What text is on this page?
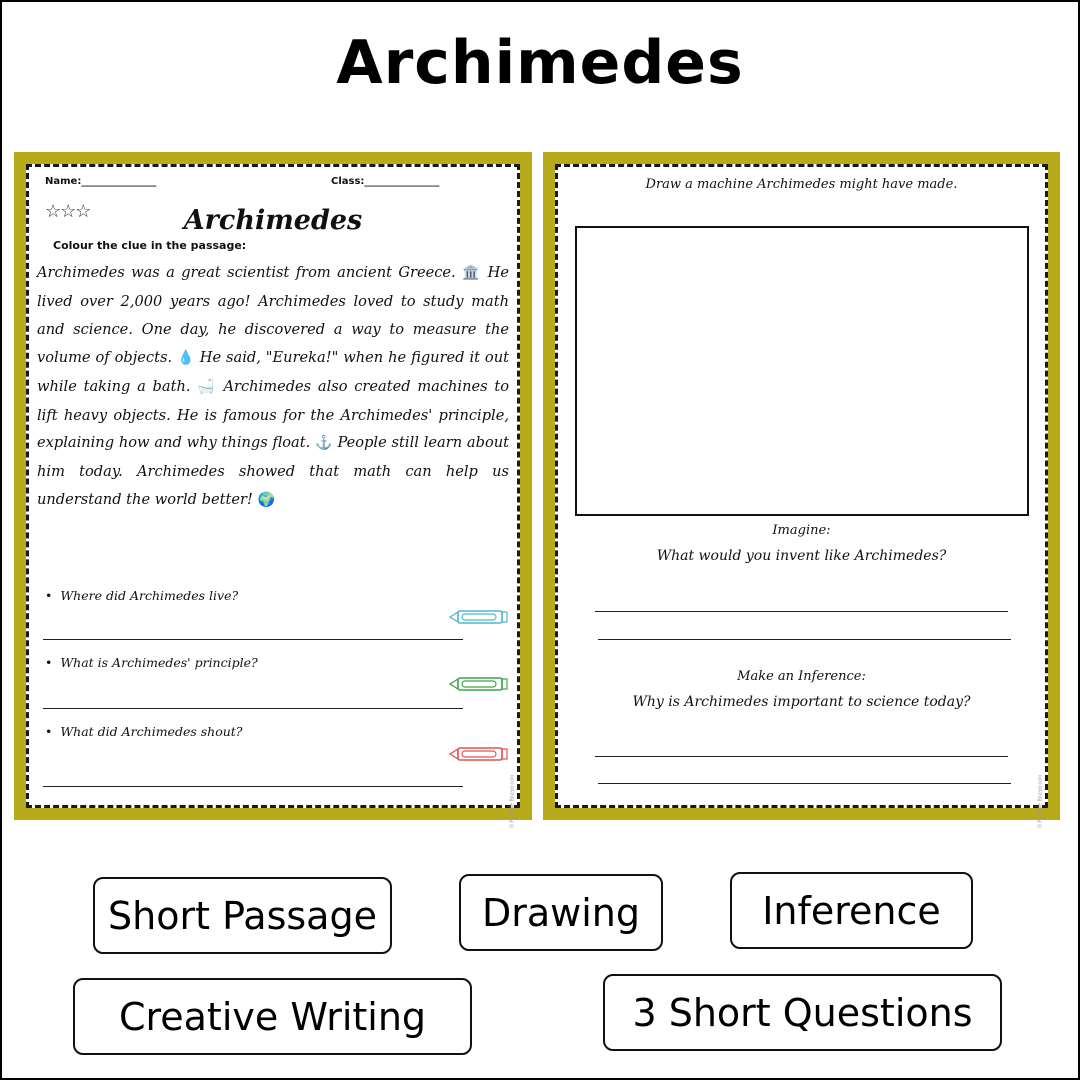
Archimedes
Name:_______________	Class:_______________
☆☆☆	Archimedes
Colour the clue in the passage:

Archimedes was a great scientist from ancient Greece. 🏛️ He lived over 2,000 years ago! Archimedes loved to study math and science. One day, he discovered a way to measure the volume of objects. 💧 He said, "Eureka!" when he figured it out while taking a bath. 🛁 Archimedes also created machines to lift heavy objects. He is famous for the Archimedes' principle, explaining how and why things float. ⚓ People still learn about him today. Archimedes showed that math can help us understand the world better! 🌍

• Where did Archimedes live?
• What is Archimedes' principle?
• What did Archimedes shout?
© Printable Bazaar.com
Draw a machine Archimedes might have made.
Imagine:
What would you invent like Archimedes?
Make an Inference:
Why is Archimedes important to science today?
© Printable Bazaar.com
Short Passage	Drawing	Inference
Creative Writing	3 Short Questions
